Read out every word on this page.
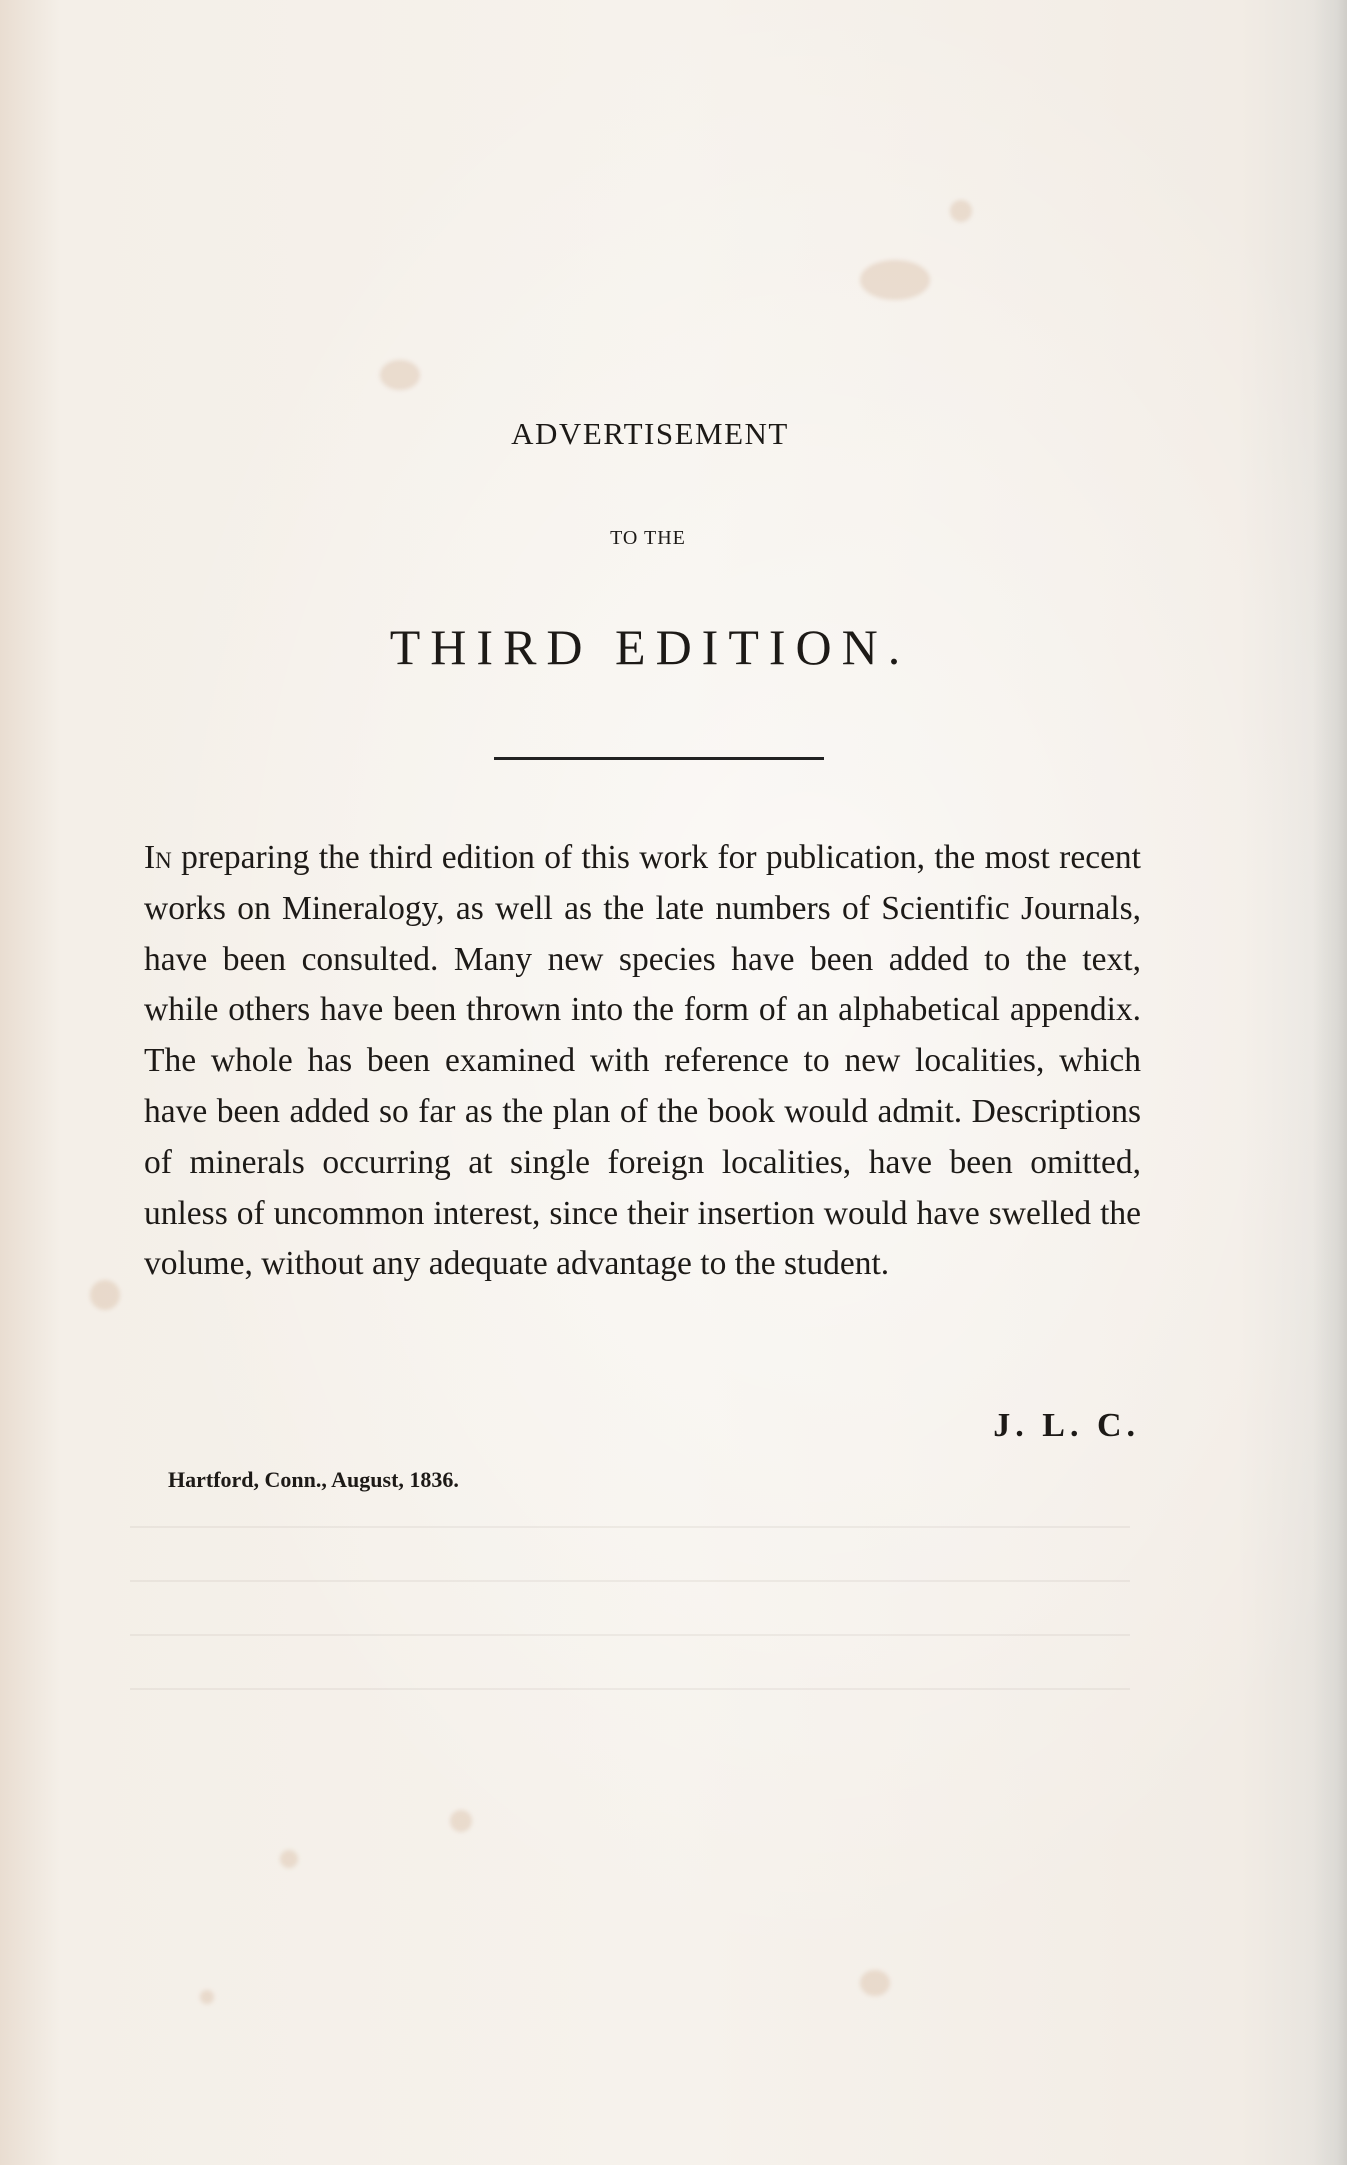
ADVERTISEMENT
TO THE
THIRD EDITION.
In preparing the third edition of this work for publication, the most recent works on Mineralogy, as well as the late numbers of Scientific Journals, have been consulted. Many new species have been added to the text, while others have been thrown into the form of an alphabetical appendix. The whole has been examined with reference to new localities, which have been added so far as the plan of the book would admit. Descriptions of minerals occurring at single foreign localities, have been omitted, unless of uncommon interest, since their insertion would have swelled the volume, without any adequate advantage to the student.
J. L. C.
Hartford, Conn., August, 1836.
